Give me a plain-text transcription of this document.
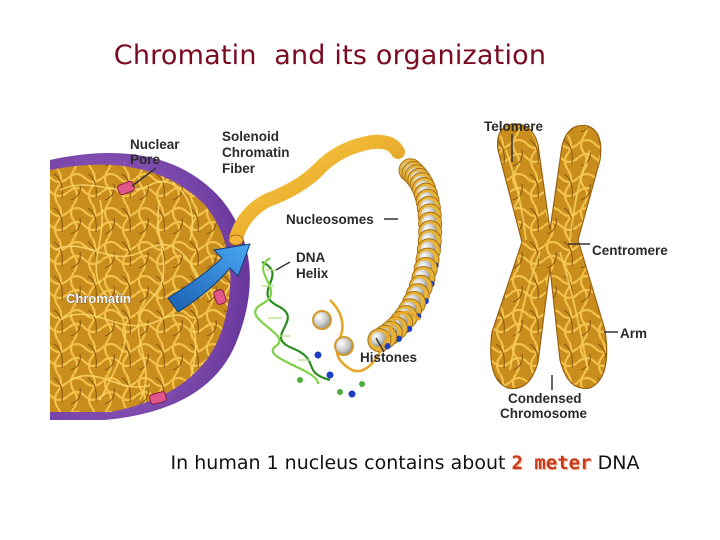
Chromatin  and its organization
Nuclear
Pore
Solenoid
Chromatin
Fiber
Telomere
Nucleosomes
Centromere
DNA
Helix
Chromatin
Arm
Histones
Condensed
Chromosome
In human 1 nucleus contains about 2 meter DNA
